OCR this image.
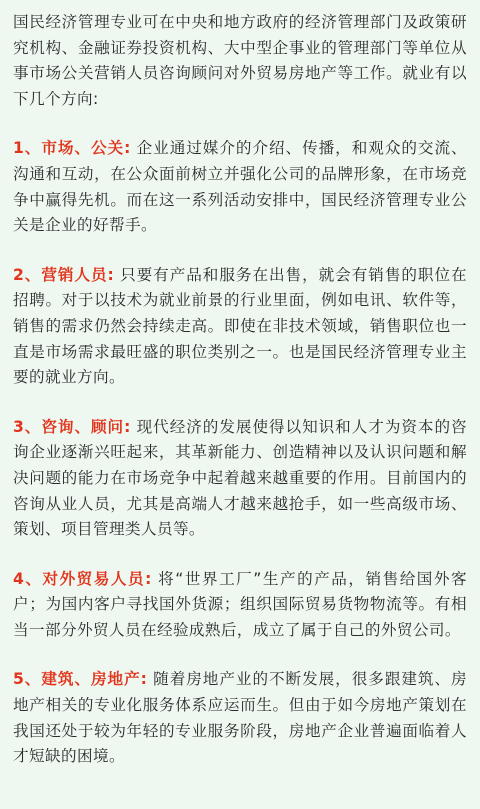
国民经济管理专业可在中央和地方政府的经济管理部门及政策研究机构、金融证券投资机构、大中型企事业的管理部门等单位从事市场公关营销人员咨询顾问对外贸易房地产等工作。就业有以下几个方向:

1、市场、公关: 企业通过媒介的介绍、传播，和观众的交流、沟通和互动，在公众面前树立并强化公司的品牌形象，在市场竞争中赢得先机。而在这一系列活动安排中，国民经济管理专业公关是企业的好帮手。

2、营销人员: 只要有产品和服务在出售，就会有销售的职位在招聘。对于以技术为就业前景的行业里面，例如电讯、软件等，销售的需求仍然会持续走高。即使在非技术领域，销售职位也一直是市场需求最旺盛的职位类别之一。也是国民经济管理专业主要的就业方向。

3、咨询、顾问: 现代经济的发展使得以知识和人才为资本的咨询企业逐渐兴旺起来，其革新能力、创造精神以及认识问题和解决问题的能力在市场竞争中起着越来越重要的作用。目前国内的咨询从业人员，尤其是高端人才越来越抢手，如一些高级市场、策划、项目管理类人员等。

4、对外贸易人员: 将“世界工厂”生产的产品，销售给国外客户；为国内客户寻找国外货源；组织国际贸易货物物流等。有相当一部分外贸人员在经验成熟后，成立了属于自己的外贸公司。

5、建筑、房地产: 随着房地产业的不断发展，很多跟建筑、房地产相关的专业化服务体系应运而生。但由于如今房地产策划在我国还处于较为年轻的专业服务阶段，房地产企业普遍面临着人才短缺的困境。
